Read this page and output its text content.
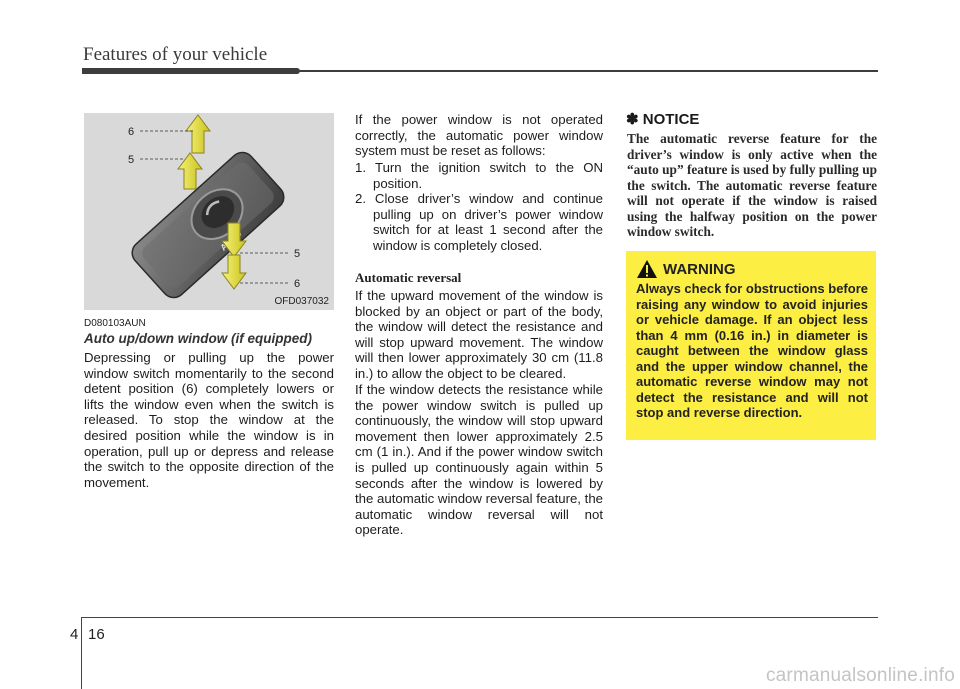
Features of your vehicle
6
5
5
6
OFD037032
D080103AUN
Auto up/down window (if equipped)
Depressing or pulling up the power window switch momentarily to the second detent position (6) completely lowers or lifts the window even when the switch is released. To stop the window at the desired position while the window is in operation, pull up or depress and release the switch to the opposite direction of the movement.
If the power window is not operated correctly, the automatic power window system must be reset as follows:
1. Turn the ignition switch to the ON position.
2. Close driver’s window and continue pulling up on driver’s power window switch for at least 1 second after the window is completely closed.
Automatic reversal
If the upward movement of the window is blocked by an object or part of the body, the window will detect the resistance and will stop upward movement. The window will then lower approximately 30 cm (11.8 in.) to allow the object to be cleared.
If the window detects the resistance while the power window switch is pulled up continuously, the window will stop upward movement then lower approximately 2.5 cm (1 in.). And if the power window switch is pulled up continuously again within 5 seconds after the window is lowered by the automatic window reversal feature, the automatic window reversal will not operate.
✽ NOTICE
The automatic reverse feature for the driver’s window is only active when the “auto up” feature is used by fully pulling up the switch. The automatic reverse feature will not operate if the window is raised using the halfway position on the power window switch.
WARNING
Always check for obstructions before raising any window to avoid injuries or vehicle damage. If an object less than 4 mm (0.16 in.) in diameter is caught between the window glass and the upper window channel, the automatic reverse window may not detect the resistance and will not stop and reverse direction.
4 16
carmanualsonline.info
